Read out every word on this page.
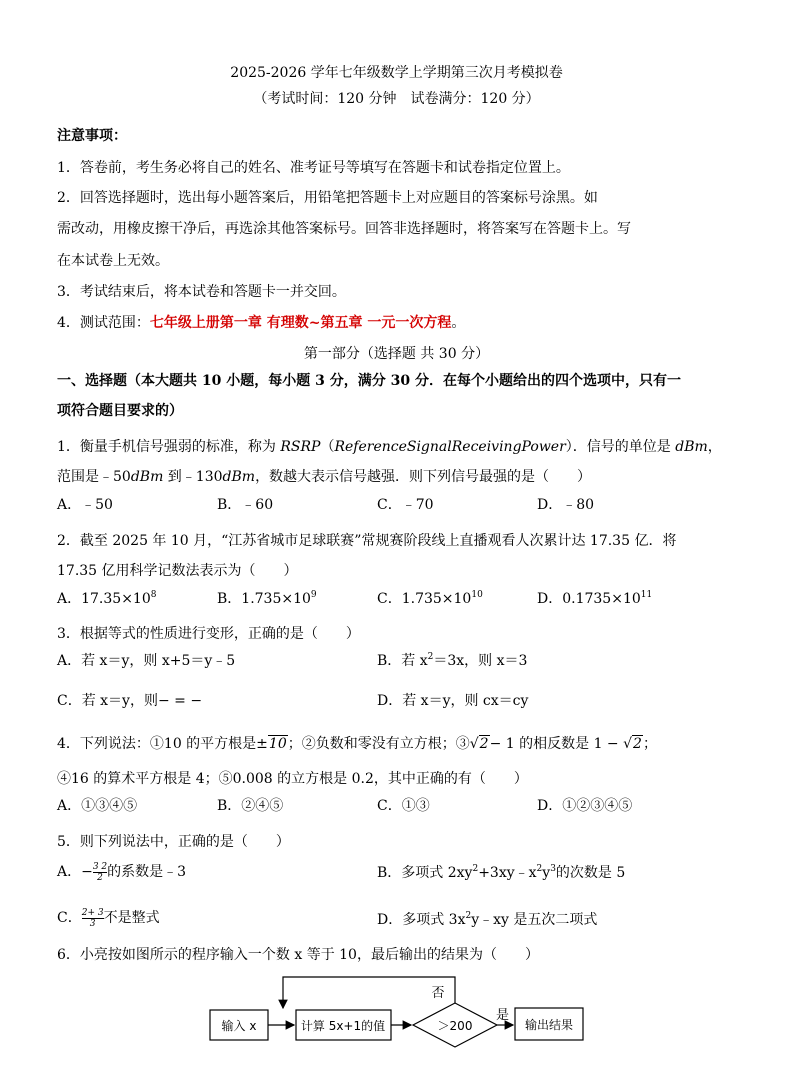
2025-2026 学年七年级数学上学期第三次月考模拟卷
（考试时间：120 分钟　试卷满分：120 分）
注意事项：
1．答卷前，考生务必将自己的姓名、准考证号等填写在答题卡和试卷指定位置上。
2．回答选择题时，选出每小题答案后，用铅笔把答题卡上对应题目的答案标号涂黑。如
需改动，用橡皮擦干净后，再选涂其他答案标号。回答非选择题时，将答案写在答题卡上。写
在本试卷上无效。
3．考试结束后，将本试卷和答题卡一并交回。
4．测试范围：七年级上册第一章 有理数~第五章 一元一次方程。
第一部分（选择题 共 30 分）
一、选择题（本大题共 10 小题，每小题 3 分，满分 30 分．在每个小题给出的四个选项中，只有一
项符合题目要求的）
1．衡量手机信号强弱的标准，称为 RSRP（ReferenceSignalReceivingPower）．信号的单位是 dBm，
范围是﹣50dBm 到﹣130dBm，数越大表示信号越强．则下列信号最强的是（　　）
A．﹣50	B．﹣60	C．﹣70	D．﹣80
2．截至 2025 年 10 月，“江苏省城市足球联赛”常规赛阶段线上直播观看人次累计达 17.35 亿．将
17.35 亿用科学记数法表示为（　　）
A．$17.35\times 10^8$	B．$1.735\times 10^9$	C．$1.735\times 10^{10}$	D．$0.1735\times 10^{11}$
3．根据等式的性质进行变形，正确的是（　　）
A．若 x＝y，则 x+5＝y﹣5	B．若 $x^2=3x$，则 x＝3
C．若 x＝y，则− = −	D．若 x＝y，则 cx＝cy
4．下列说法：①10 的平方根是±10；②负数和零没有立方根；③√2− 1 的相反数是 1 − √2；
④16 的算术平方根是 4；⑤0.008 的立方根是 0.2，其中正确的有（　　）
A．①③④⑤	B．②④⑤	C．①③	D．①②③④⑤
5．则下列说法中，正确的是（　　）
A．− $\frac{3 2}{2}$ 的系数是﹣3	B．多项式 $2xy^2+3xy﹣x^2y^3$的次数是 5
C． $\frac{2+ 3}{3}$ 不是整式	D．多项式 $3x^2y﹣xy$ 是五次二项式
6．小亮按如图所示的程序输入一个数 x 等于 10，最后输出的结果为（　　）
输入 x	计算 5x+1的值	＞200
否
是
输出结果
